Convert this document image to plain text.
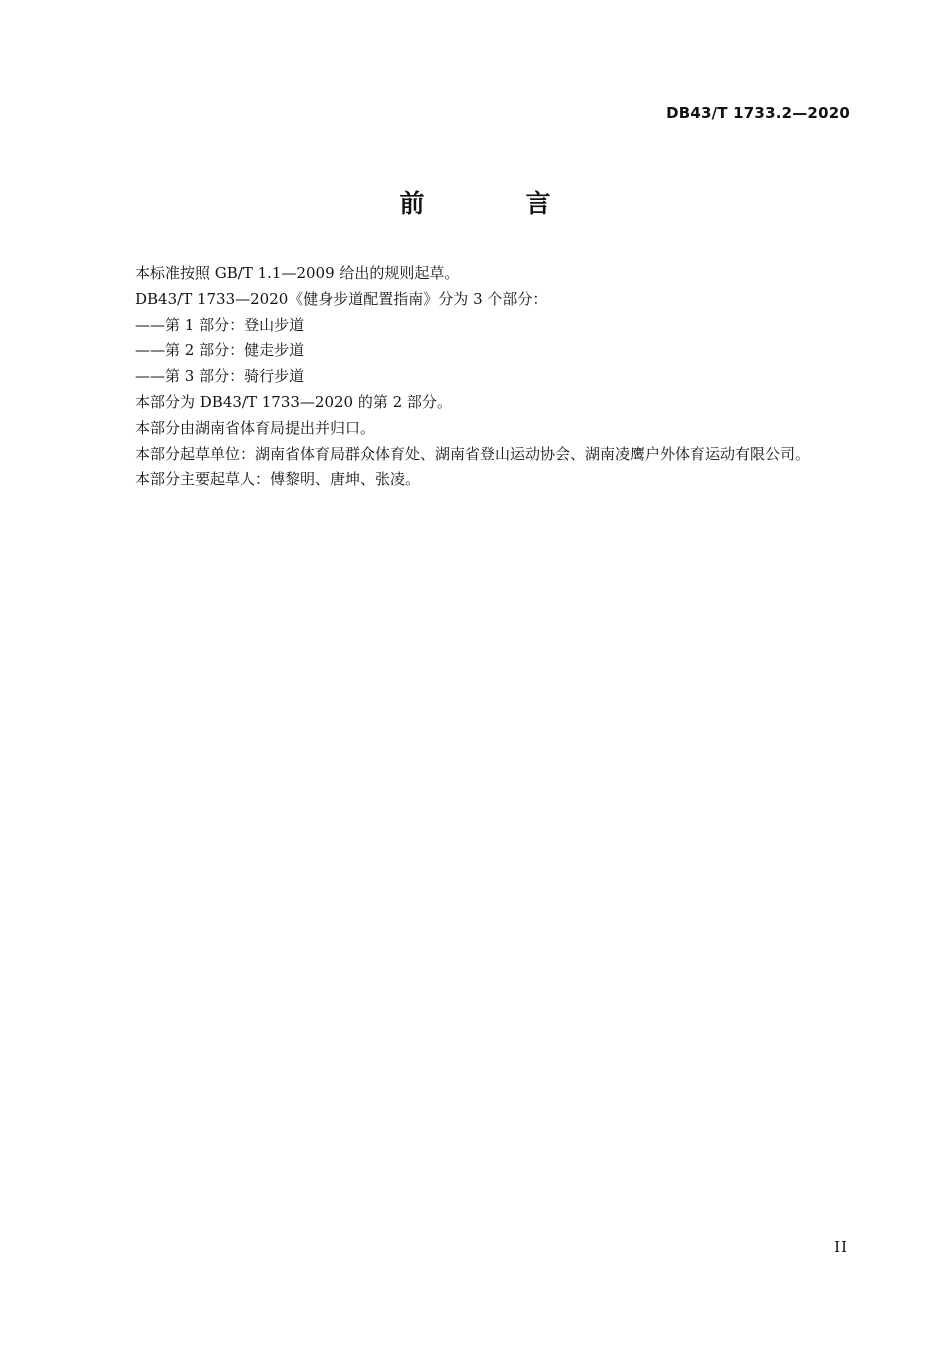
DB43/T 1733.2—2020
前　言

本标准按照 GB/T 1.1—2009 给出的规则起草。

DB43/T 1733—2020《健身步道配置指南》分为 3 个部分：

——第 1 部分：登山步道

——第 2 部分：健走步道

——第 3 部分：骑行步道

本部分为 DB43/T 1733—2020 的第 2 部分。

本部分由湖南省体育局提出并归口。

本部分起草单位：湖南省体育局群众体育处、湖南省登山运动协会、湖南凌鹰户外体育运动有限公司。

本部分主要起草人：傅黎明、唐坤、张凌。

II
